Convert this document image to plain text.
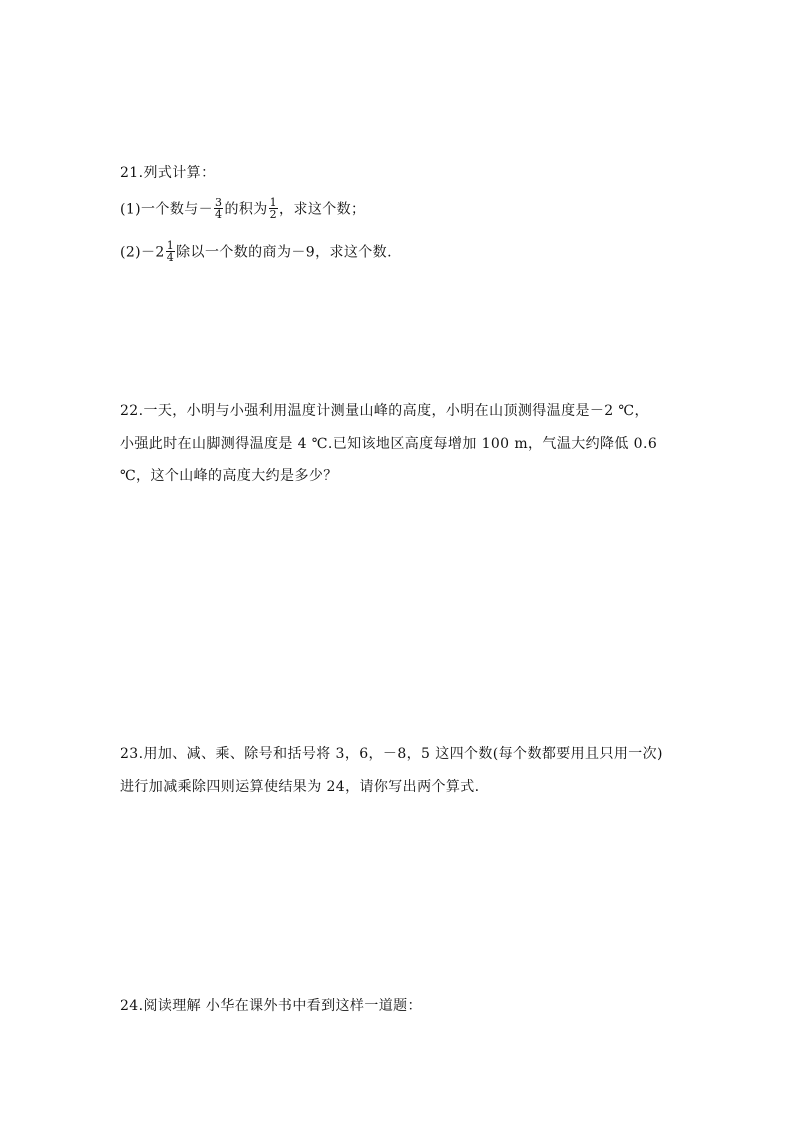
21.列式计算：
(1)一个数与－ $\frac{3}{4}$ 的积为 $\frac{1}{2}$ ，求这个数；
$(2)-2 \frac{1}{4}$ 除以一个数的商为－9，求这个数.
22.一天，小明与小强利用温度计测量山峰的高度，小明在山顶测得温度是－2 ℃，
小强此时在山脚测得温度是 4 ℃.已知该地区高度每增加 100 m，气温大约降低 0.6
℃，这个山峰的高度大约是多少？
23.用加、减、乘、除号和括号将 3，6，－8，5 这四个数(每个数都要用且只用一次)
进行加减乘除四则运算使结果为 24，请你写出两个算式.
24.阅读理解 小华在课外书中看到这样一道题：
